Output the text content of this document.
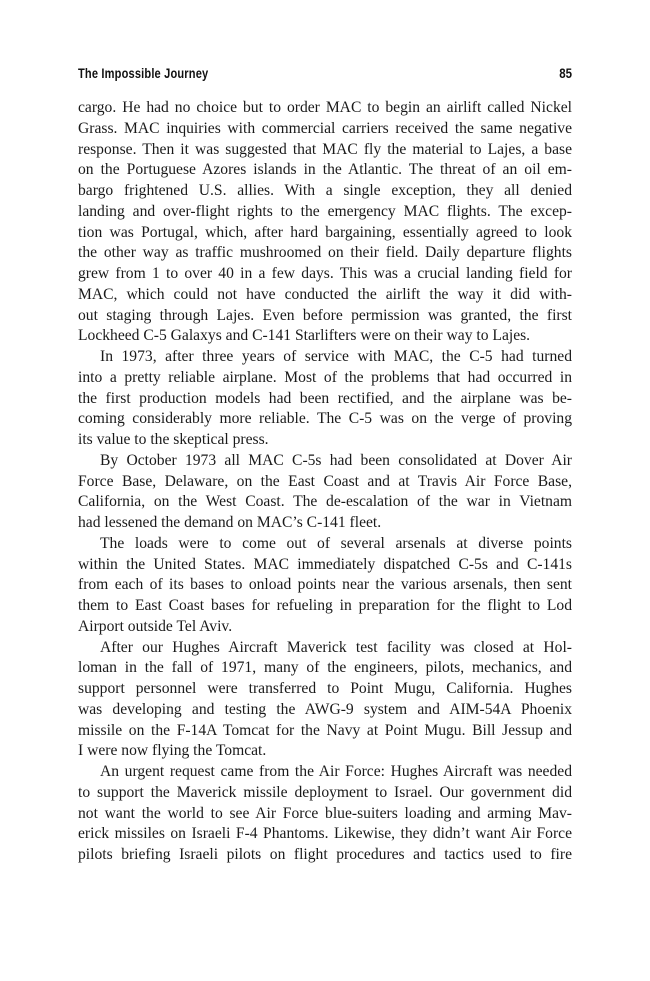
The Impossible Journey	85
cargo. He had no choice but to order MAC to begin an airlift called Nickel
Grass. MAC inquiries with commercial carriers received the same negative
response. Then it was suggested that MAC fly the material to Lajes, a base
on the Portuguese Azores islands in the Atlantic. The threat of an oil em-
bargo frightened U.S. allies. With a single exception, they all denied
landing and over-flight rights to the emergency MAC flights. The excep-
tion was Portugal, which, after hard bargaining, essentially agreed to look
the other way as traffic mushroomed on their field. Daily departure flights
grew from 1 to over 40 in a few days. This was a crucial landing field for
MAC, which could not have conducted the airlift the way it did with-
out staging through Lajes. Even before permission was granted, the first
Lockheed C-5 Galaxys and C-141 Starlifters were on their way to Lajes.
In 1973, after three years of service with MAC, the C-5 had turned
into a pretty reliable airplane. Most of the problems that had occurred in
the first production models had been rectified, and the airplane was be-
coming considerably more reliable. The C-5 was on the verge of proving
its value to the skeptical press.
By October 1973 all MAC C-5s had been consolidated at Dover Air
Force Base, Delaware, on the East Coast and at Travis Air Force Base,
California, on the West Coast. The de-escalation of the war in Vietnam
had lessened the demand on MAC’s C-141 fleet.
The loads were to come out of several arsenals at diverse points
within the United States. MAC immediately dispatched C-5s and C-141s
from each of its bases to onload points near the various arsenals, then sent
them to East Coast bases for refueling in preparation for the flight to Lod
Airport outside Tel Aviv.
After our Hughes Aircraft Maverick test facility was closed at Hol-
loman in the fall of 1971, many of the engineers, pilots, mechanics, and
support personnel were transferred to Point Mugu, California. Hughes
was developing and testing the AWG-9 system and AIM-54A Phoenix
missile on the F-14A Tomcat for the Navy at Point Mugu. Bill Jessup and
I were now flying the Tomcat.
An urgent request came from the Air Force: Hughes Aircraft was needed
to support the Maverick missile deployment to Israel. Our government did
not want the world to see Air Force blue-suiters loading and arming Mav-
erick missiles on Israeli F-4 Phantoms. Likewise, they didn’t want Air Force
pilots briefing Israeli pilots on flight procedures and tactics used to fire
